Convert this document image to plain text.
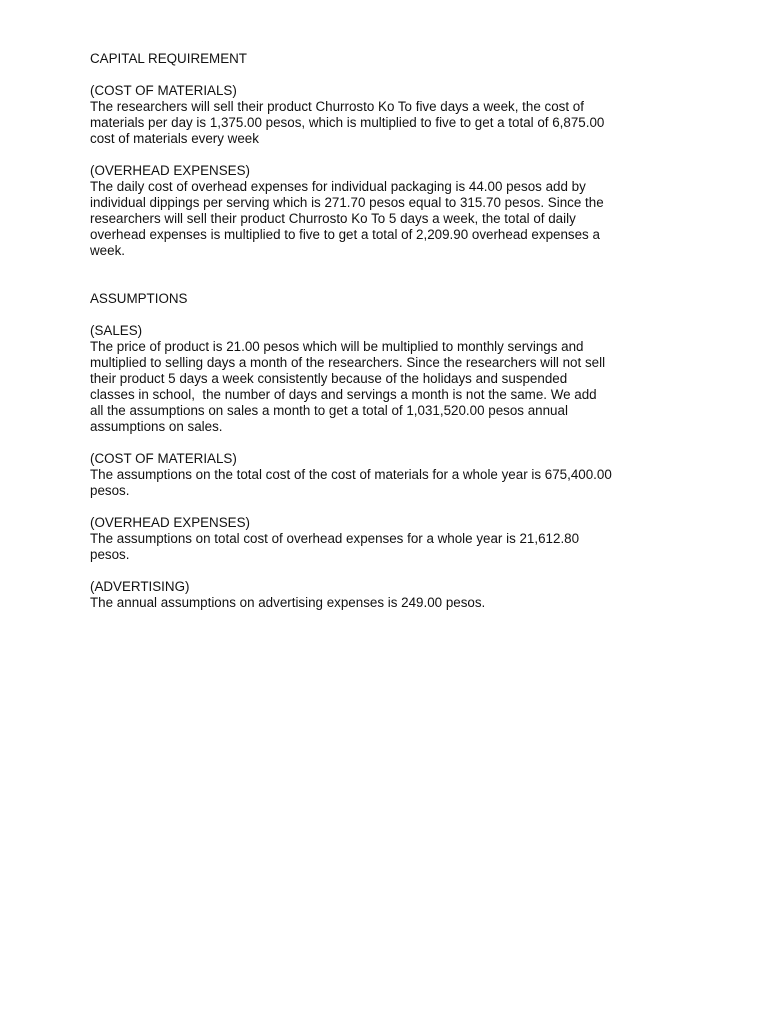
CAPITAL REQUIREMENT
(COST OF MATERIALS)
The researchers will sell their product Churrosto Ko To five days a week, the cost of
materials per day is 1,375.00 pesos, which is multiplied to five to get a total of 6,875.00
cost of materials every week
(OVERHEAD EXPENSES)
The daily cost of overhead expenses for individual packaging is 44.00 pesos add by
individual dippings per serving which is 271.70 pesos equal to 315.70 pesos. Since the
researchers will sell their product Churrosto Ko To 5 days a week, the total of daily
overhead expenses is multiplied to five to get a total of 2,209.90 overhead expenses a
week.
ASSUMPTIONS
(SALES)
The price of product is 21.00 pesos which will be multiplied to monthly servings and
multiplied to selling days a month of the researchers. Since the researchers will not sell
their product 5 days a week consistently because of the holidays and suspended
classes in school,  the number of days and servings a month is not the same. We add
all the assumptions on sales a month to get a total of 1,031,520.00 pesos annual
assumptions on sales.
(COST OF MATERIALS)
The assumptions on the total cost of the cost of materials for a whole year is 675,400.00
pesos.
(OVERHEAD EXPENSES)
The assumptions on total cost of overhead expenses for a whole year is 21,612.80
pesos.
(ADVERTISING)
The annual assumptions on advertising expenses is 249.00 pesos.
